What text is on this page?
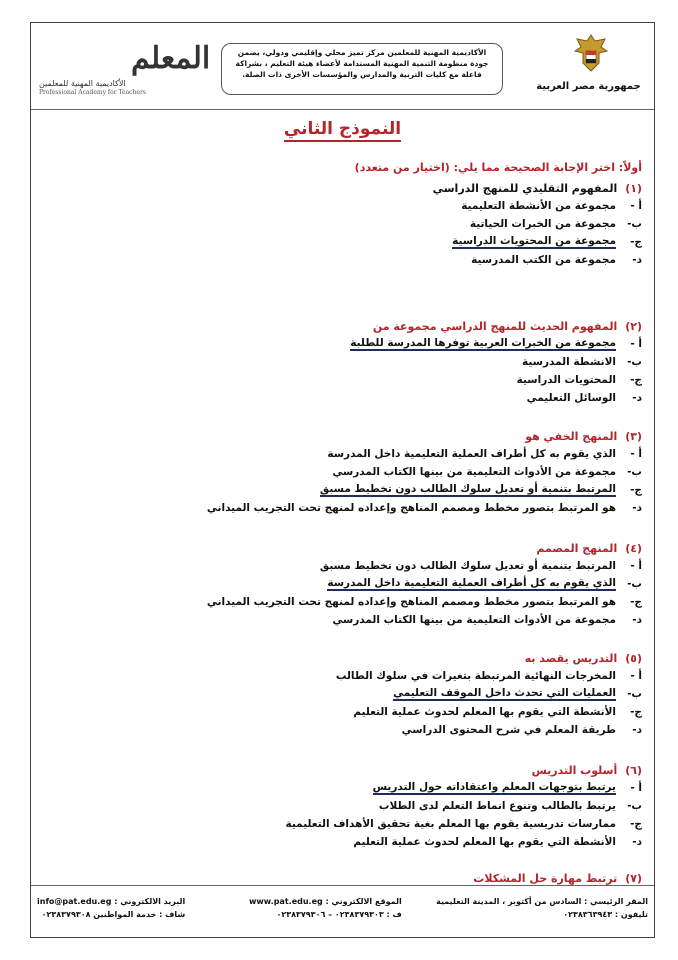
المعلم
الأكاديمية المهنية للمعلمين
Professional Academy for Teachers
الأكاديمية المهنية للمعلمين مركز تميز محلي وإقليمي ودولي، يضمن
جودة منظومة التنمية المهنية المستدامة لأعضاء هيئة التعليم ، بشراكة
فاعلة مع كليات التربية والمدارس والمؤسسات الأخرى ذات الصلة.
جمهورية مصر العربية
النموذج الثاني
أولاً: اختر الإجابة الصحيحة مما يلي: (اختيار من متعدد)
(١)
المفهوم التقليدي للمنهج الدراسي
أ -
مجموعة من الأنشطة التعليمية
ب-
مجموعة من الخبرات الحياتية
ج-
مجموعة من المحتويات الدراسية
د-
مجموعة من الكتب المدرسية
(٢)
المفهوم الحديث للمنهج الدراسي مجموعة من
أ -
مجموعة من الخبرات العربية توفرها المدرسة للطلبة
ب-
الانشطة المدرسية
ج-
المحتويات الدراسية
د-
الوسائل التعليمي
(٣)
المنهج الخفي هو
أ -
الذي يقوم به كل أطراف العملية التعليمية داخل المدرسة
ب-
مجموعة من الأدوات التعليمية من بينها الكتاب المدرسي
ج-
المرتبط بتنمية أو تعديل سلوك الطالب دون تخطيط مسبق
د-
هو المرتبط بتصور مخطط ومصمم المناهج وإعداده لمنهج تحت التجريب الميداني
(٤)
المنهج المصمم
أ -
المرتبط بتنمية أو تعديل سلوك الطالب دون تخطيط مسبق
ب-
الذي يقوم به كل أطراف العملية التعليمية داخل المدرسة
ج-
هو المرتبط بتصور مخطط ومصمم المناهج وإعداده لمنهج تحت التجريب الميداني
د-
مجموعة من الأدوات التعليمية من بينها الكتاب المدرسي
(٥)
التدريس يقصد به
أ -
المخرجات النهائية المرتبطة بتغيرات في سلوك الطالب
ب-
العمليات التي تحدث داخل الموقف التعليمي
ج-
الأنشطة التي يقوم بها المعلم لحدوث عملية التعليم
د-
طريقة المعلم في شرح المحتوى الدراسي
(٦)
أسلوب التدريس
أ -
يرتبط بتوجهات المعلم واعتقاداته حول التدريس
ب-
يرتبط بالطالب وتنوع انماط التعلم لدى الطلاب
ج-
ممارسات تدريسية يقوم بها المعلم بغية تحقيق الأهداف التعليمية
د-
الأنشطة التي يقوم بها المعلم لحدوث عملية التعليم
(٧)
ترتبط مهارة حل المشكلات
المقر الرئيسي : السادس من أكتوبر ، المدينة التعليمية
تليفون : ٠٢٣٨٣٦٣٩٤٣
الموقع الالكتروني : www.pat.edu.eg
ف : ٠٢٣٨٣٧٩٣٠٣ – ٠٢٣٨٣٧٩٣٠٦
البريد الالكتروني : info@pat.edu.eg
شاف : خدمة المواطنين ٠٢٣٨٣٧٩٣٠٨
